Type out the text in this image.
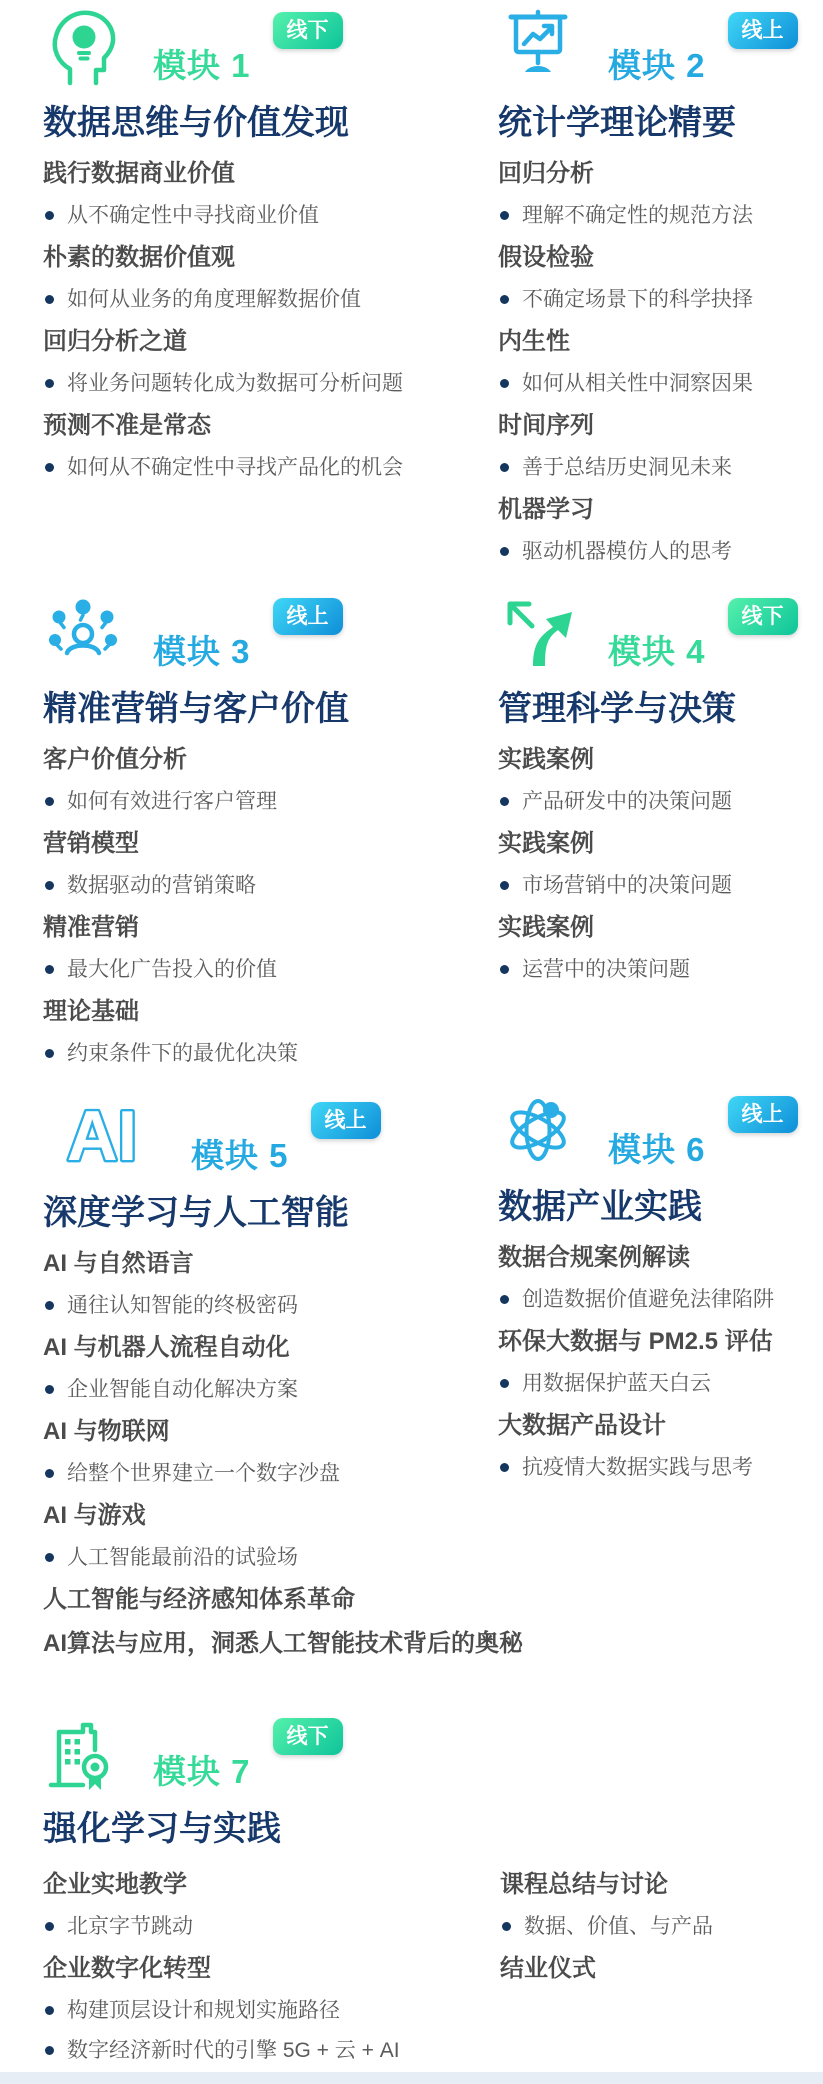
模块 1
线下
数据思维与价值发现
践行数据商业价值
从不确定性中寻找商业价值
朴素的数据价值观
如何从业务的角度理解数据价值
回归分析之道
将业务问题转化成为数据可分析问题
预测不准是常态
如何从不确定性中寻找产品化的机会
模块 2
线上
统计学理论精要
回归分析
理解不确定性的规范方法
假设检验
不确定场景下的科学抉择
内生性
如何从相关性中洞察因果
时间序列
善于总结历史洞见未来
机器学习
驱动机器模仿人的思考
模块 3
线上
精准营销与客户价值
客户价值分析
如何有效进行客户管理
营销模型
数据驱动的营销策略
精准营销
最大化广告投入的价值
理论基础
约束条件下的最优化决策
模块 4
线下
管理科学与决策
实践案例
产品研发中的决策问题
实践案例
市场营销中的决策问题
实践案例
运营中的决策问题
AI 模块 5
线上
深度学习与人工智能
AI 与自然语言
通往认知智能的终极密码
AI 与机器人流程自动化
企业智能自动化解决方案
AI 与物联网
给整个世界建立一个数字沙盘
AI 与游戏
人工智能最前沿的试验场
人工智能与经济感知体系革命
AI算法与应用，洞悉人工智能技术背后的奥秘
模块 6
线上
数据产业实践
数据合规案例解读
创造数据价值避免法律陷阱
环保大数据与 PM2.5 评估
用数据保护蓝天白云
大数据产品设计
抗疫情大数据实践与思考
模块 7
线下
强化学习与实践
企业实地教学
北京字节跳动
企业数字化转型
构建顶层设计和规划实施路径
数字经济新时代的引擎 5G + 云 + AI
课程总结与讨论
数据、价值、与产品
结业仪式
